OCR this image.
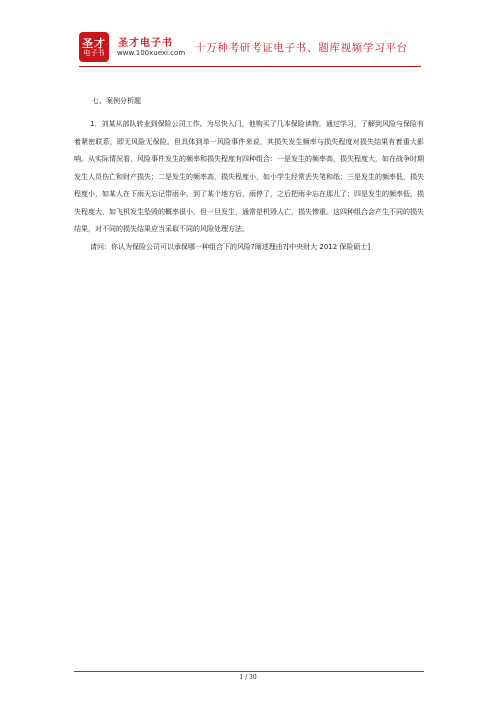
圣才
电子书
圣才电子书
www.100xuexi.com 十万种考研考证电子书、题库视频学习平台
七、案例分析题

1．刘某从部队转业到保险公司工作。为尽快入门，他购买了几本保险读物。通过学习，了解到风险与保险有着紧密联系，即无风险无保险。但具体到单一风险事件来说，其损失发生频率与损失程度对损失结果有着重大影响。从实际情况看，风险事件发生的频率和损失程度有四种组合：一是发生的频率高，损失程度大，如在战争时期发生人员伤亡和财产损失；二是发生的频率高，损失程度小，如小学生经常丢失笔和纸；三是发生的频率低，损失程度小，如某人在下雨天忘记带雨伞，到了某个地方后，雨停了，之后把雨伞忘在那儿了；四是发生的频率低，损失程度大，如飞机发生坠毁的概率很小，但一旦发生，通常是机毁人亡，损失惨重。这四种组合会产生不同的损失结果，对不同的损失结果应当采取不同的风险处理方法。

请问：你认为保险公司可以承保哪一种组合下的风险?阐述理由?[中央财大 2012 保险硕士]

1 / 30
